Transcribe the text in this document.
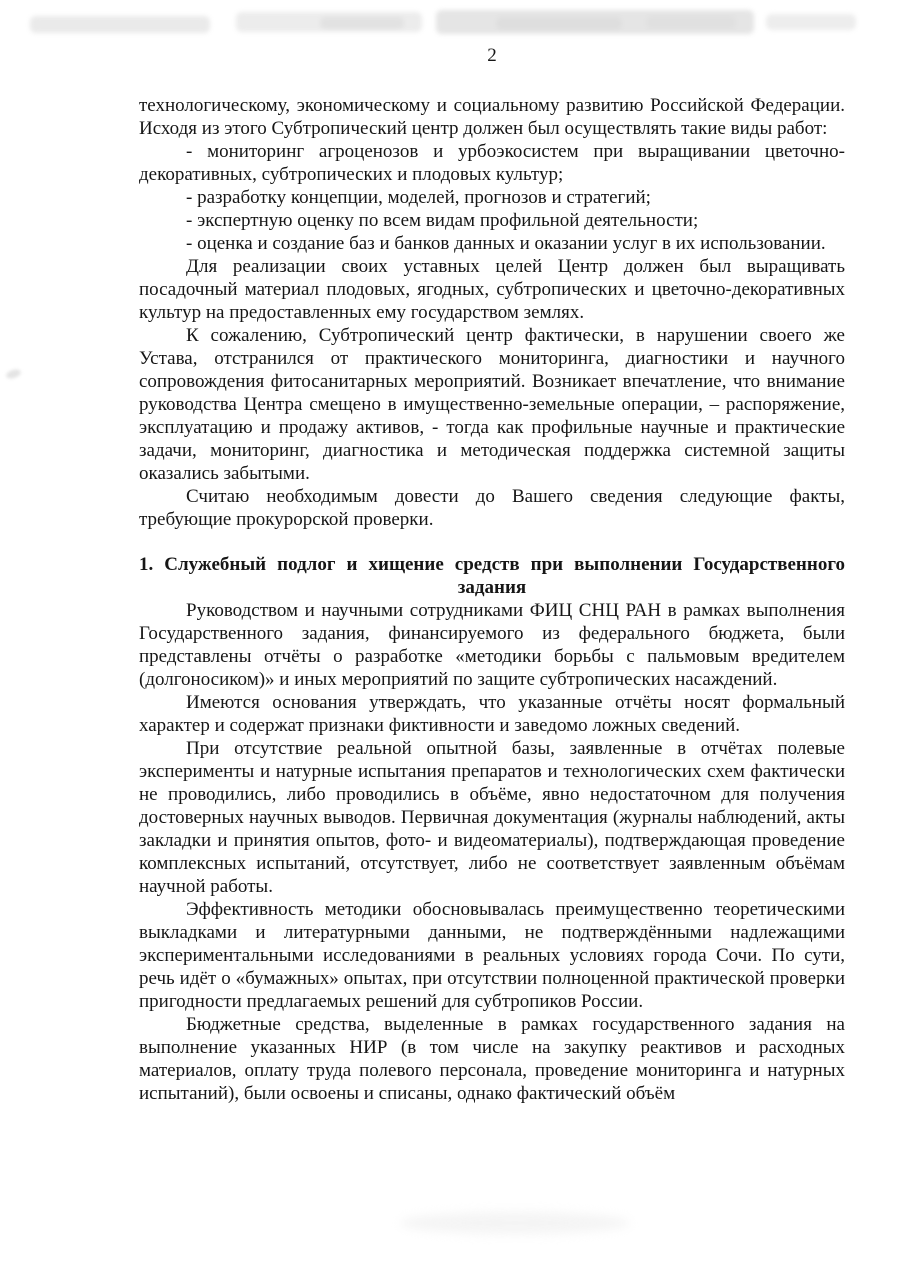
2

технологическому, экономическому и социальному развитию Российской Федерации. Исходя из этого Субтропический центр должен был осуществлять такие виды работ:

- мониторинг агроценозов и урбоэкосистем при выращивании цветочно-декоративных, субтропических и плодовых культур;

- разработку концепции, моделей, прогнозов и стратегий;

- экспертную оценку по всем видам профильной деятельности;

- оценка и создание баз и банков данных и оказании услуг в их использовании.

Для реализации своих уставных целей Центр должен был выращивать посадочный материал плодовых, ягодных, субтропических и цветочно-декоративных культур на предоставленных ему государством землях.

К сожалению, Субтропический центр фактически, в нарушении своего же Устава, отстранился от практического мониторинга, диагностики и научного сопровождения фитосанитарных мероприятий. Возникает впечатление, что внимание руководства Центра смещено в имущественно-земельные операции, – распоряжение, эксплуатацию и продажу активов, - тогда как профильные научные и практические задачи, мониторинг, диагностика и методическая поддержка системной защиты оказались забытыми.

Считаю необходимым довести до Вашего сведения следующие факты, требующие прокурорской проверки.

1. Служебный подлог и хищение средств при выполнении Государственного задания

Руководством и научными сотрудниками ФИЦ СНЦ РАН в рамках выполнения Государственного задания, финансируемого из федерального бюджета, были представлены отчёты о разработке «методики борьбы с пальмовым вредителем (долгоносиком)» и иных мероприятий по защите субтропических насаждений.

Имеются основания утверждать, что указанные отчёты носят формальный характер и содержат признаки фиктивности и заведомо ложных сведений.

При отсутствие реальной опытной базы, заявленные в отчётах полевые эксперименты и натурные испытания препаратов и технологических схем фактически не проводились, либо проводились в объёме, явно недостаточном для получения достоверных научных выводов. Первичная документация (журналы наблюдений, акты закладки и принятия опытов, фото- и видеоматериалы), подтверждающая проведение комплексных испытаний, отсутствует, либо не соответствует заявленным объёмам научной работы.

Эффективность методики обосновывалась преимущественно теоретическими выкладками и литературными данными, не подтверждёнными надлежащими экспериментальными исследованиями в реальных условиях города Сочи. По сути, речь идёт о «бумажных» опытах, при отсутствии полноценной практической проверки пригодности предлагаемых решений для субтропиков России.

Бюджетные средства, выделенные в рамках государственного задания на выполнение указанных НИР (в том числе на закупку реактивов и расходных материалов, оплату труда полевого персонала, проведение мониторинга и натурных испытаний), были освоены и списаны, однако фактический объём
